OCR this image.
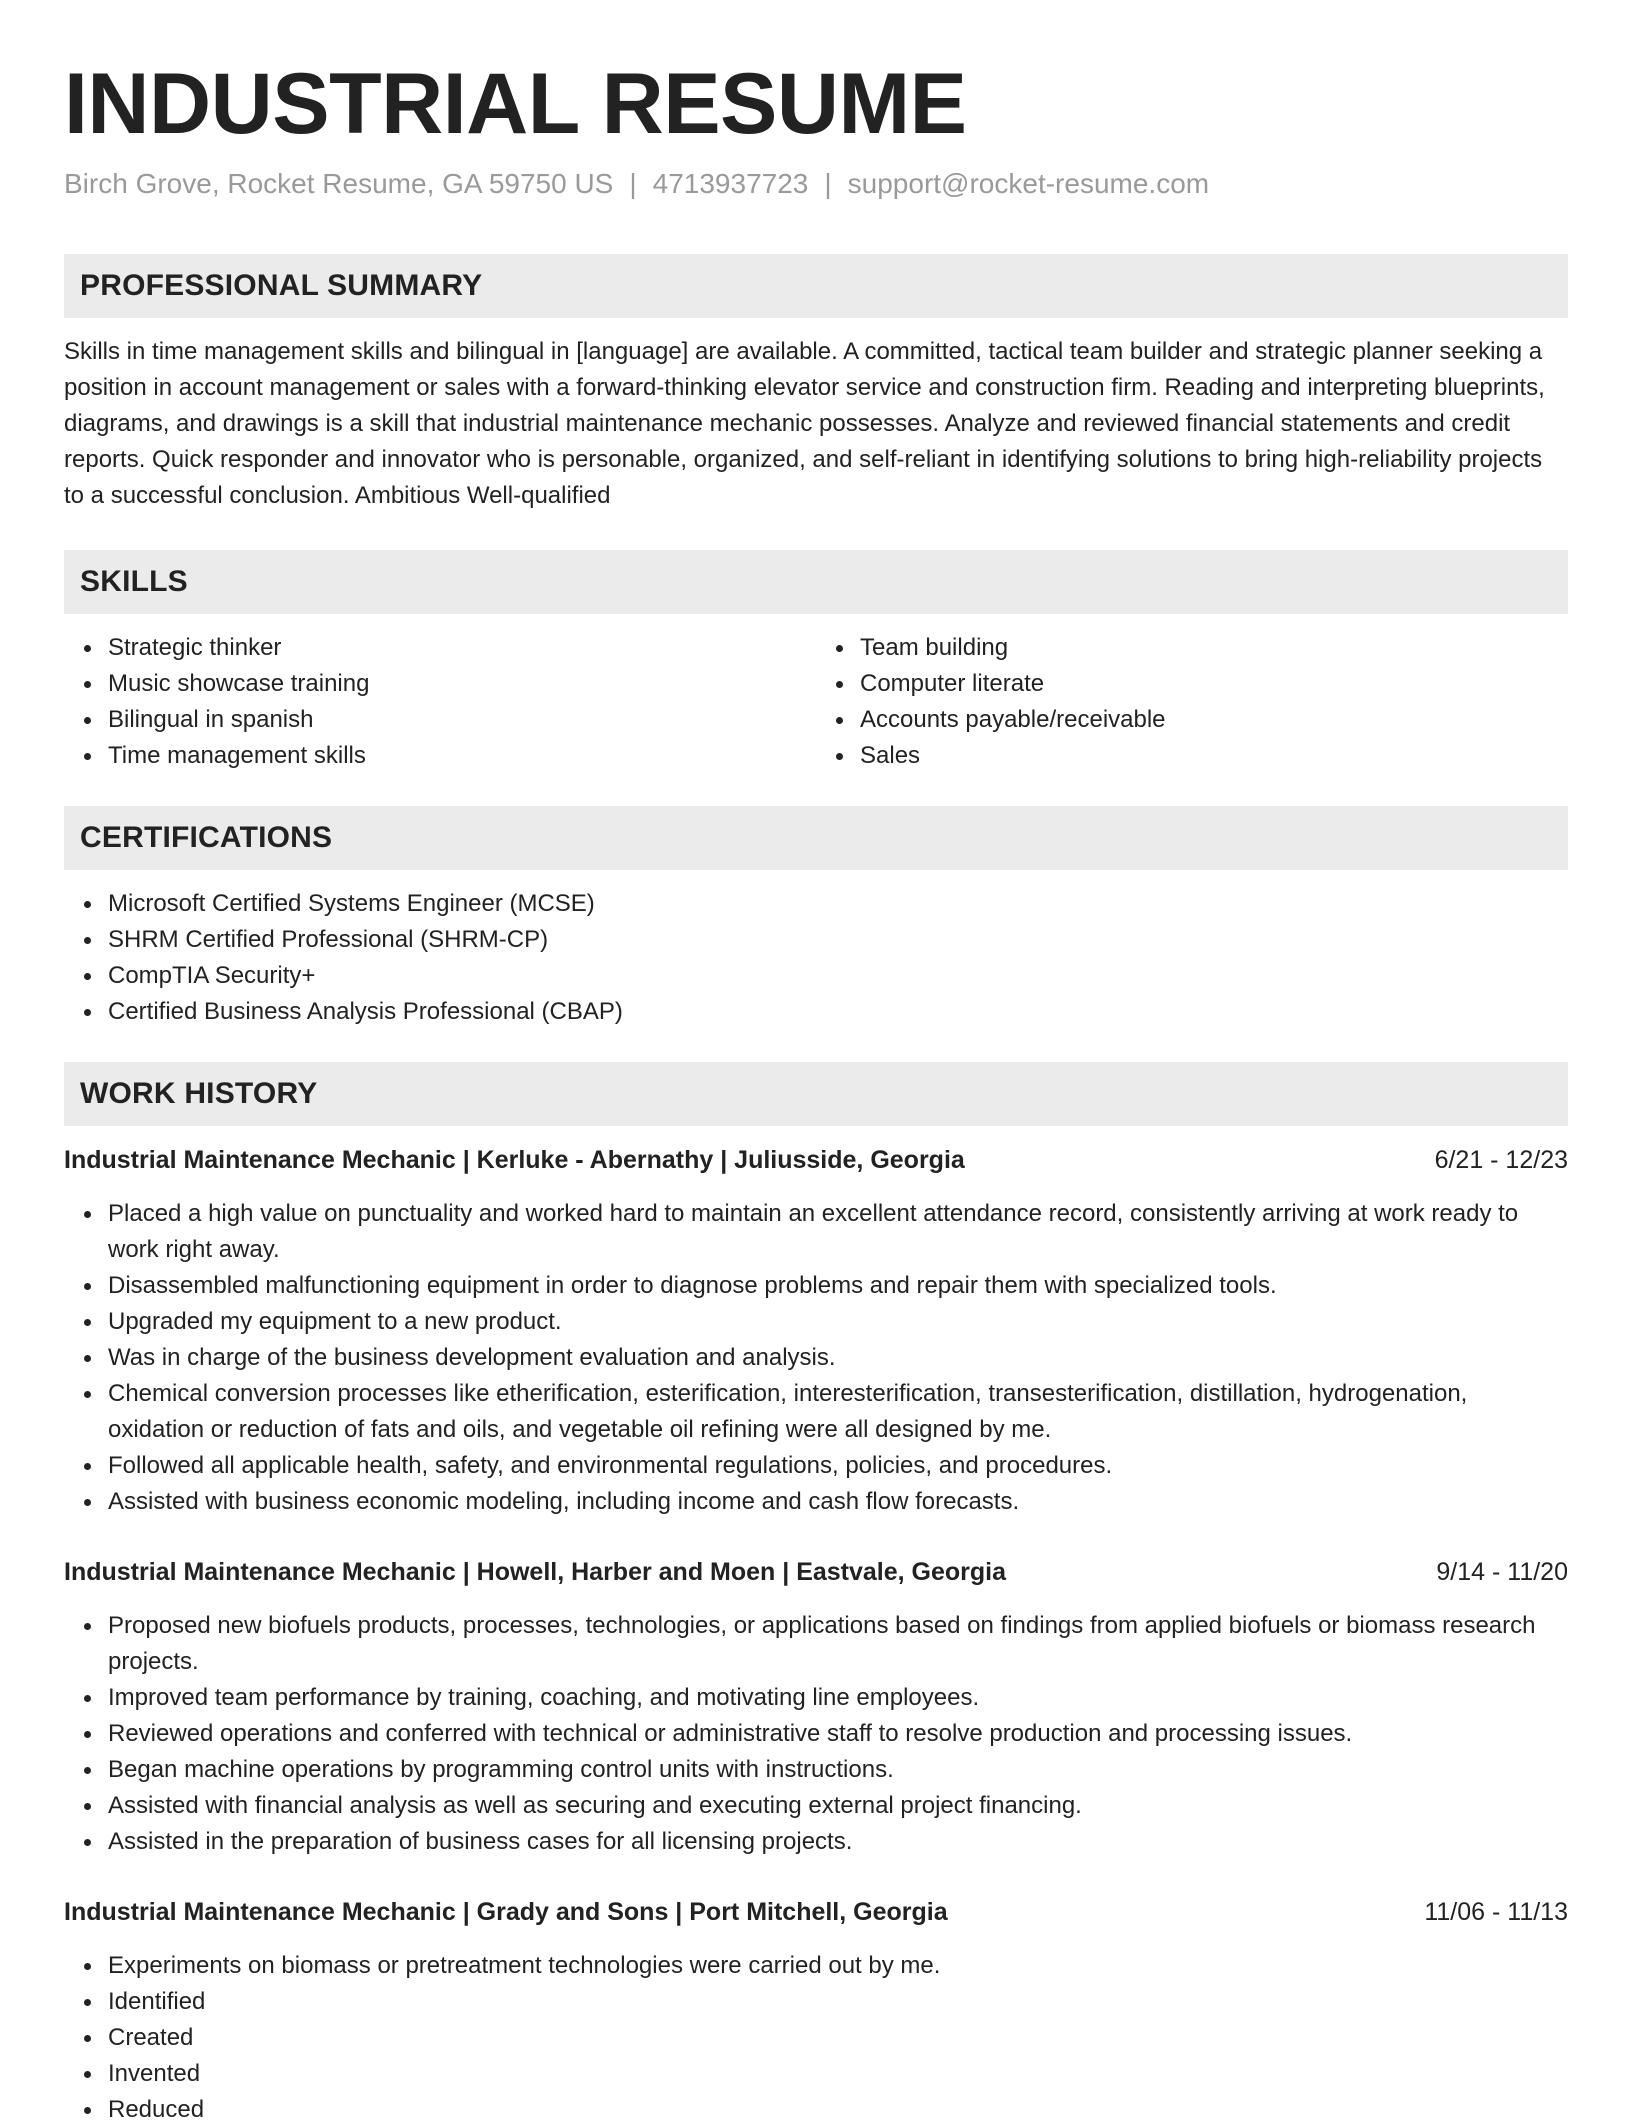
INDUSTRIAL RESUME
Birch Grove, Rocket Resume, GA 59750 US | 4713937723 | support@rocket-resume.com
PROFESSIONAL SUMMARY

Skills in time management skills and bilingual in [language] are available. A committed, tactical team builder and strategic planner seeking a position in account management or sales with a forward-thinking elevator service and construction firm. Reading and interpreting blueprints, diagrams, and drawings is a skill that industrial maintenance mechanic possesses. Analyze and reviewed financial statements and credit reports. Quick responder and innovator who is personable, organized, and self-reliant in identifying solutions to bring high-reliability projects to a successful conclusion. Ambitious Well-qualified

SKILLS
Strategic thinker
Music showcase training
Bilingual in spanish
Time management skills
Team building
Computer literate
Accounts payable/receivable
Sales
CERTIFICATIONS
Microsoft Certified Systems Engineer (MCSE)
SHRM Certified Professional (SHRM-CP)
CompTIA Security+
Certified Business Analysis Professional (CBAP)
WORK HISTORY
Industrial Maintenance Mechanic | Kerluke - Abernathy | Juliusside, Georgia	6/21 - 12/23
Placed a high value on punctuality and worked hard to maintain an excellent attendance record, consistently arriving at work ready to work right away.
Disassembled malfunctioning equipment in order to diagnose problems and repair them with specialized tools.
Upgraded my equipment to a new product.
Was in charge of the business development evaluation and analysis.
Chemical conversion processes like etherification, esterification, interesterification, transesterification, distillation, hydrogenation, oxidation or reduction of fats and oils, and vegetable oil refining were all designed by me.
Followed all applicable health, safety, and environmental regulations, policies, and procedures.
Assisted with business economic modeling, including income and cash flow forecasts.
Industrial Maintenance Mechanic | Howell, Harber and Moen | Eastvale, Georgia	9/14 - 11/20
Proposed new biofuels products, processes, technologies, or applications based on findings from applied biofuels or biomass research projects.
Improved team performance by training, coaching, and motivating line employees.
Reviewed operations and conferred with technical or administrative staff to resolve production and processing issues.
Began machine operations by programming control units with instructions.
Assisted with financial analysis as well as securing and executing external project financing.
Assisted in the preparation of business cases for all licensing projects.
Industrial Maintenance Mechanic | Grady and Sons | Port Mitchell, Georgia	11/06 - 11/13
Experiments on biomass or pretreatment technologies were carried out by me.
Identified
Created
Invented
Reduced
